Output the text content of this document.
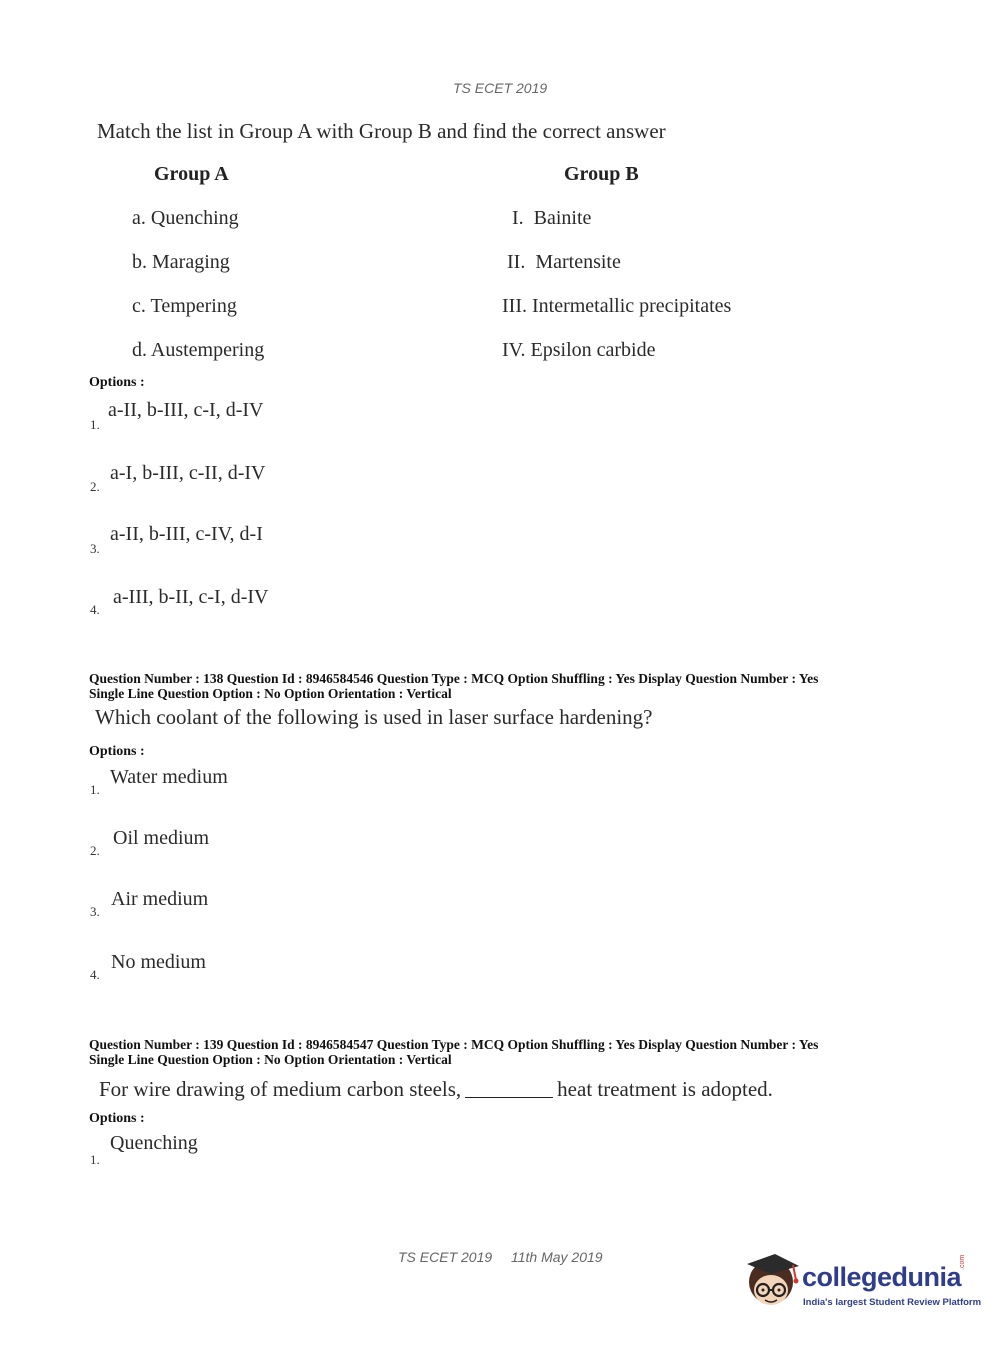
TS ECET 2019
Match the list in Group A with Group B and find the correct answer
Group A	Group B
a. Quenching
b. Maraging
c. Tempering
d. Austempering
I.  Bainite
II.  Martensite
III. Intermetallic precipitates
IV. Epsilon carbide
Options :
1.
a-II, b-III, c-I, d-IV
2.
a-I, b-III, c-II, d-IV
3.
a-II, b-III, c-IV, d-I
4.
a-III, b-II, c-I, d-IV
Question Number : 138 Question Id : 8946584546 Question Type : MCQ Option Shuffling : Yes Display Question Number : Yes
Single Line Question Option : No Option Orientation : Vertical
Which coolant of the following is used in laser surface hardening?
Options :
1.
Water medium
2.
Oil medium
3.
Air medium
4.
No medium
Question Number : 139 Question Id : 8946584547 Question Type : MCQ Option Shuffling : Yes Display Question Number : Yes
Single Line Question Option : No Option Orientation : Vertical
For wire drawing of medium carbon steels,	heat treatment is adopted.
Options :
1.
Quenching
TS ECET 2019 11th May 2019
collegedunia
.com
India's largest Student Review Platform
